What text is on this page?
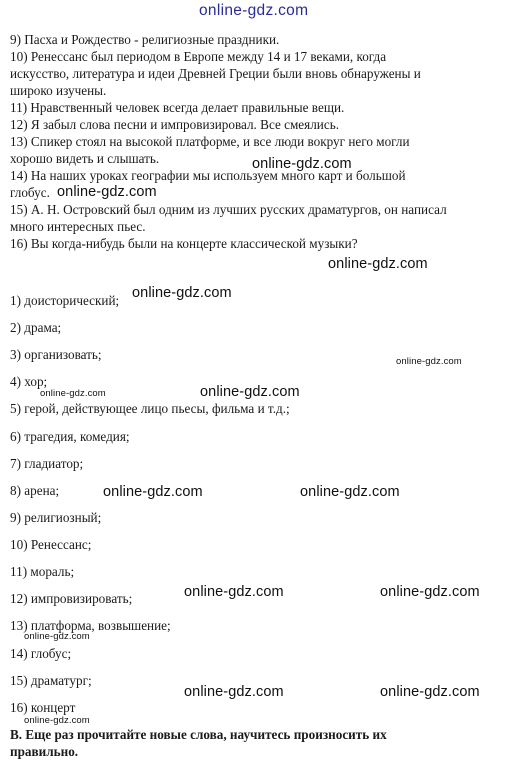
online-gdz.com
9) Пасха и Рождество - религиозные праздники.
10) Ренессанс был периодом в Европе между 14 и 17 веками, когда
искусство, литература и идеи Древней Греции были вновь обнаружены и
широко изучены.
11) Нравственный человек всегда делает правильные вещи.
12) Я забыл слова песни и импровизировал. Все смеялись.
13) Спикер стоял на высокой платформе, и все люди вокруг него могли
хорошо видеть и слышать.
14) На наших уроках географии мы используем много карт и большой
глобус.
15) А. Н. Островский был одним из лучших русских драматургов, он написал
много интересных пьес.
16) Вы когда-нибудь были на концерте классической музыки?
1) доисторический;
2) драма;
3) организовать;
4) хор;
5) герой, действующее лицо пьесы, фильма и т.д.;
6) трагедия, комедия;
7) гладиатор;
8) арена;
9) религиозный;
10) Ренессанс;
11) мораль;
12) импровизировать;
13) платформа, возвышение;
14) глобус;
15) драматург;
16) концерт
В. Еще раз прочитайте новые слова, научитесь произносить их
правильно.
online-gdz.com
online-gdz.com
online-gdz.com
online-gdz.com
online-gdz.com
online-gdz.com
online-gdz.com
online-gdz.com	online-gdz.com
online-gdz.com	online-gdz.com
online-gdz.com
online-gdz.com	online-gdz.com
online-gdz.com
